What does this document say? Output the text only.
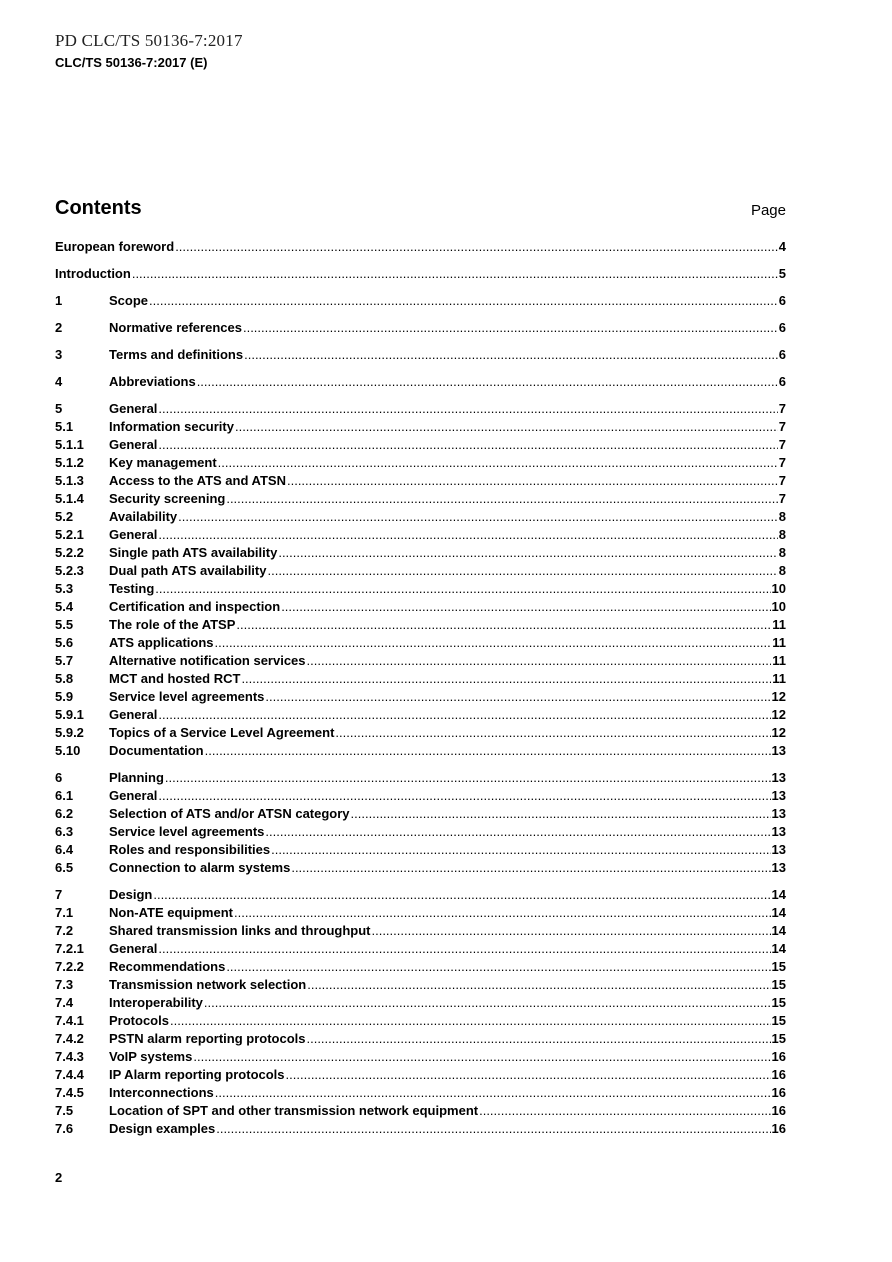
PD CLC/TS 50136-7:2017
CLC/TS 50136-7:2017 (E)
Contents	Page
European foreword .....	4
Introduction .....	5
1	Scope .....	6
2	Normative references .....	6
3	Terms and definitions .....	6
4	Abbreviations .....	6
5	General .....	7
5.1	Information security .....	7
5.1.1	General .....	7
5.1.2	Key management .....	7
5.1.3	Access to the ATS and ATSN .....	7
5.1.4	Security screening .....	7
5.2	Availability .....	8
5.2.1	General .....	8
5.2.2	Single path ATS availability .....	8
5.2.3	Dual path ATS availability .....	8
5.3	Testing .....	10
5.4	Certification and inspection .....	10
5.5	The role of the ATSP .....	11
5.6	ATS applications .....	11
5.7	Alternative notification services .....	11
5.8	MCT and hosted RCT .....	11
5.9	Service level agreements .....	12
5.9.1	General .....	12
5.9.2	Topics of a Service Level Agreement .....	12
5.10	Documentation .....	13
6	Planning .....	13
6.1	General .....	13
6.2	Selection of ATS and/or ATSN category .....	13
6.3	Service level agreements .....	13
6.4	Roles and responsibilities .....	13
6.5	Connection to alarm systems .....	13
7	Design .....	14
7.1	Non-ATE equipment .....	14
7.2	Shared transmission links and throughput .....	14
7.2.1	General .....	14
7.2.2	Recommendations .....	15
7.3	Transmission network selection .....	15
7.4	Interoperability .....	15
7.4.1	Protocols .....	15
7.4.2	PSTN alarm reporting protocols .....	15
7.4.3	VoIP systems .....	16
7.4.4	IP Alarm reporting protocols .....	16
7.4.5	Interconnections .....	16
7.5	Location of SPT and other transmission network equipment .....	16
7.6	Design examples .....	16
2
